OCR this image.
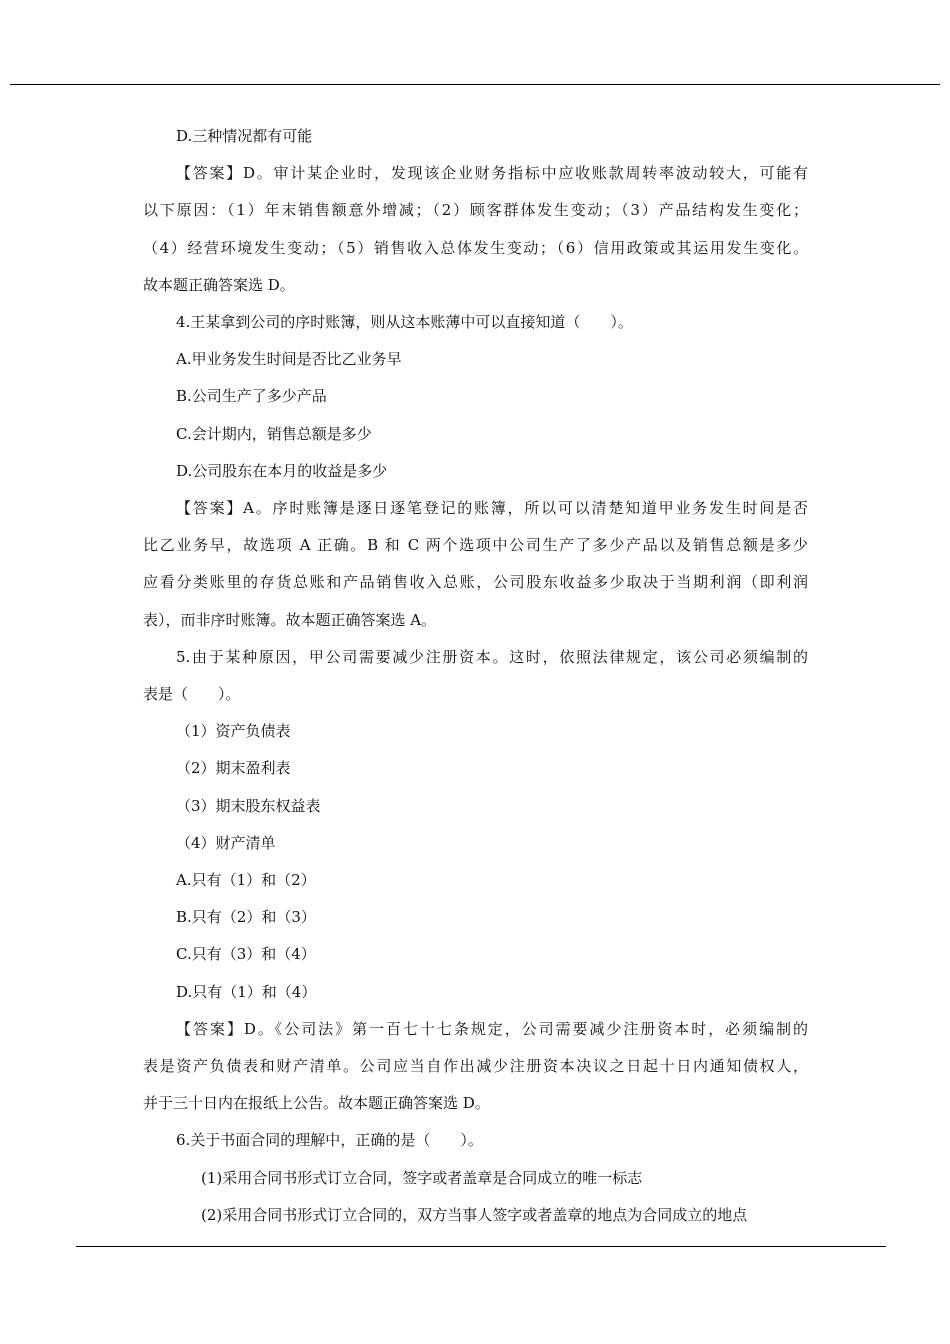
D.三种情况都有可能
【答案】D。审计某企业时，发现该企业财务指标中应收账款周转率波动较大，可能有
以下原因：（1）年末销售额意外增减；（2）顾客群体发生变动；（3）产品结构发生变化；
（4）经营环境发生变动；（5）销售收入总体发生变动；（6）信用政策或其运用发生变化。
故本题正确答案选 D。
4.王某拿到公司的序时账簿，则从这本账薄中可以直接知道（　　）。
A.甲业务发生时间是否比乙业务早
B.公司生产了多少产品
C.会计期内，销售总额是多少
D.公司股东在本月的收益是多少
【答案】A。序时账簿是逐日逐笔登记的账簿，所以可以清楚知道甲业务发生时间是否
比乙业务早，故选项 A 正确。B 和 C 两个选项中公司生产了多少产品以及销售总额是多少
应看分类账里的存货总账和产品销售收入总账，公司股东收益多少取决于当期利润（即利润
表），而非序时账簿。故本题正确答案选 A。
5.由于某种原因，甲公司需要减少注册资本。这时，依照法律规定，该公司必须编制的
表是（　　）。
（1）资产负债表
（2）期末盈利表
（3）期末股东权益表
（4）财产清单
A.只有（1）和（2）
B.只有（2）和（3）
C.只有（3）和（4）
D.只有（1）和（4）
【答案】D。《公司法》第一百七十七条规定，公司需要减少注册资本时，必须编制的
表是资产负债表和财产清单。公司应当自作出减少注册资本决议之日起十日内通知债权人，
并于三十日内在报纸上公告。故本题正确答案选 D。
6.关于书面合同的理解中，正确的是（　　）。
(1)采用合同书形式订立合同，签字或者盖章是合同成立的唯一标志
(2)采用合同书形式订立合同的，双方当事人签字或者盖章的地点为合同成立的地点
